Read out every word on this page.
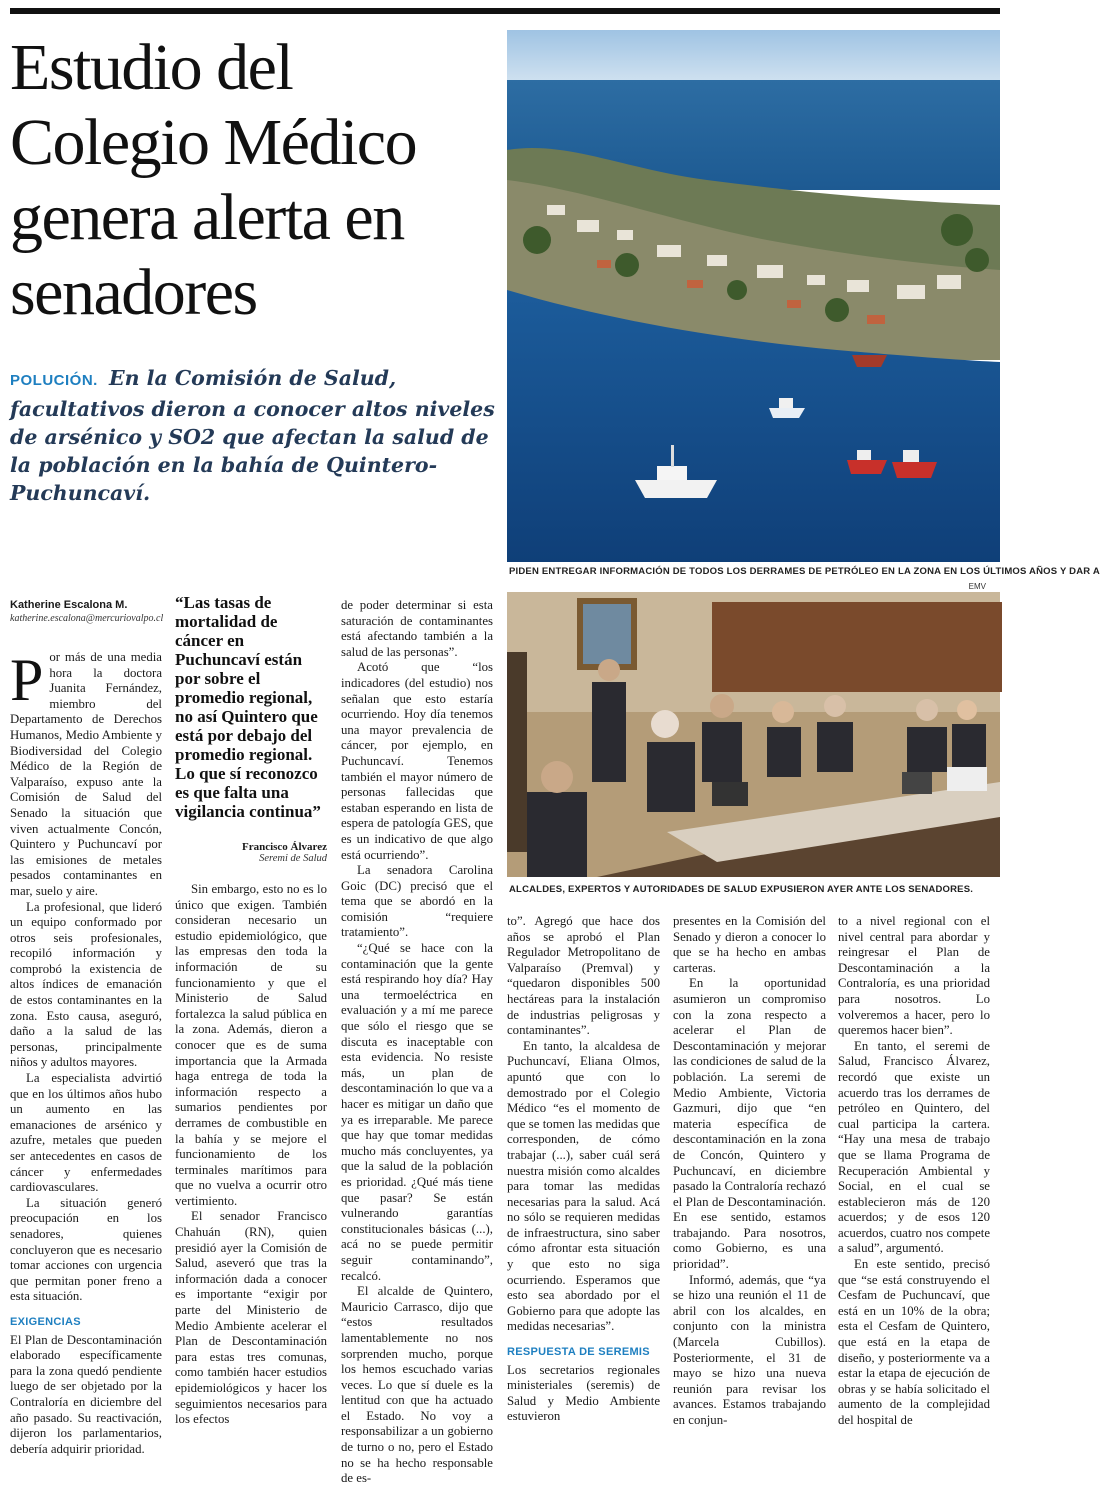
Estudio del Colegio Médico genera alerta en senadores
POLUCIÓN. En la Comisión de Salud, facultativos dieron a conocer altos niveles de arsénico y SO2 que afectan la salud de la población en la bahía de Quintero-Puchuncaví.
PIDEN ENTREGAR INFORMACIÓN DE TODOS LOS DERRAMES DE PETRÓLEO EN LA ZONA EN LOS ÚLTIMOS AÑOS Y DAR A
EMV
ALCALDES, EXPERTOS Y AUTORIDADES DE SALUD EXPUSIERON AYER ANTE LOS SENADORES.
Katherine Escalona M.
katherine.escalona@mercuriovalpo.cl

Por más de una media hora la doctora Juanita Fernández, miembro del Departamento de Derechos Humanos, Medio Ambiente y Biodiversidad del Colegio Médico de la Región de Valparaíso, expuso ante la Comisión de Salud del Senado la situación que viven actualmente Concón, Quintero y Puchuncaví por las emisiones de metales pesados contaminantes en mar, suelo y aire.

La profesional, que lideró un equipo conformado por otros seis profesionales, recopiló información y comprobó la existencia de altos índices de emanación de estos contaminantes en la zona. Esto causa, aseguró, daño a la salud de las personas, principalmente niños y adultos mayores.

La especialista advirtió que en los últimos años hubo un aumento en las emanaciones de arsénico y azufre, metales que pueden ser antecedentes en casos de cáncer y enfermedades cardiovasculares.

La situación generó preocupación en los senadores, quienes concluyeron que es necesario tomar acciones con urgencia que permitan poner freno a esta situación.

EXIGENCIAS

El Plan de Descontaminación elaborado específicamente para la zona quedó pendiente luego de ser objetado por la Contraloría en diciembre del año pasado. Su reactivación, dijeron los parlamentarios, debería adquirir prioridad.

“Las tasas de mortalidad de cáncer en Puchuncaví están por sobre el promedio regional, no así Quintero que está por debajo del promedio regional. Lo que sí reconozco es que falta una vigilancia continua”
Francisco Álvarez
Seremi de Salud

Sin embargo, esto no es lo único que exigen. También consideran necesario un estudio epidemiológico, que las empresas den toda la información de su funcionamiento y que el Ministerio de Salud fortalezca la salud pública en la zona. Además, dieron a conocer que es de suma importancia que la Armada haga entrega de toda la información respecto a sumarios pendientes por derrames de combustible en la bahía y se mejore el funcionamiento de los terminales marítimos para que no vuelva a ocurrir otro vertimiento.

El senador Francisco Chahuán (RN), quien presidió ayer la Comisión de Salud, aseveró que tras la información dada a conocer es importante “exigir por parte del Ministerio de Medio Ambiente acelerar el Plan de Descontaminación para estas tres comunas, como también hacer estudios epidemiológicos y hacer los seguimientos necesarios para los efectos

de poder determinar si esta saturación de contaminantes está afectando también a la salud de las personas”.

Acotó que “los indicadores (del estudio) nos señalan que esto estaría ocurriendo. Hoy día tenemos una mayor prevalencia de cáncer, por ejemplo, en Puchuncaví. Tenemos también el mayor número de personas fallecidas que estaban esperando en lista de espera de patología GES, que es un indicativo de que algo está ocurriendo”.

La senadora Carolina Goic (DC) precisó que el tema que se abordó en la comisión “requiere tratamiento”.

“¿Qué se hace con la contaminación que la gente está respirando hoy día? Hay una termoeléctrica en evaluación y a mí me parece que sólo el riesgo que se discuta es inaceptable con esta evidencia. No resiste más, un plan de descontaminación lo que va a hacer es mitigar un daño que ya es irreparable. Me parece que hay que tomar medidas mucho más concluyentes, ya que la salud de la población es prioridad. ¿Qué más tiene que pasar? Se están vulnerando garantías constitucionales básicas (...), acá no se puede permitir seguir contaminando”, recalcó.

El alcalde de Quintero, Mauricio Carrasco, dijo que “estos resultados lamentablemente no nos sorprenden mucho, porque los hemos escuchado varias veces. Lo que sí duele es la lentitud con que ha actuado el Estado. No voy a responsabilizar a un gobierno de turno o no, pero el Estado no se ha hecho responsable de es-

to”. Agregó que hace dos años se aprobó el Plan Regulador Metropolitano de Valparaíso (Premval) y “quedaron disponibles 500 hectáreas para la instalación de industrias peligrosas y contaminantes”.

En tanto, la alcaldesa de Puchuncaví, Eliana Olmos, apuntó que con lo demostrado por el Colegio Médico “es el momento de que se tomen las medidas que corresponden, de cómo trabajar (...), saber cuál será nuestra misión como alcaldes para tomar las medidas necesarias para la salud. Acá no sólo se requieren medidas de infraestructura, sino saber cómo afrontar esta situación y que esto no siga ocurriendo. Esperamos que esto sea abordado por el Gobierno para que adopte las medidas necesarias”.

RESPUESTA DE SEREMIS

Los secretarios regionales ministeriales (seremis) de Salud y Medio Ambiente estuvieron

presentes en la Comisión del Senado y dieron a conocer lo que se ha hecho en ambas carteras.

En la oportunidad asumieron un compromiso con la zona respecto a acelerar el Plan de Descontaminación y mejorar las condiciones de salud de la población. La seremi de Medio Ambiente, Victoria Gazmuri, dijo que “en materia específica de descontaminación en la zona de Concón, Quintero y Puchuncaví, en diciembre pasado la Contraloría rechazó el Plan de Descontaminación. En ese sentido, estamos trabajando. Para nosotros, como Gobierno, es una prioridad”.

Informó, además, que “ya se hizo una reunión el 11 de abril con los alcaldes, en conjunto con la ministra (Marcela Cubillos). Posteriormente, el 31 de mayo se hizo una nueva reunión para revisar los avances. Estamos trabajando en conjun-

to a nivel regional con el nivel central para abordar y reingresar el Plan de Descontaminación a la Contraloría, es una prioridad para nosotros. Lo volveremos a hacer, pero lo queremos hacer bien”.

En tanto, el seremi de Salud, Francisco Álvarez, recordó que existe un acuerdo tras los derrames de petróleo en Quintero, del cual participa la cartera. “Hay una mesa de trabajo que se llama Programa de Recuperación Ambiental y Social, en el cual se establecieron más de 120 acuerdos; y de esos 120 acuerdos, cuatro nos compete a salud”, argumentó.

En este sentido, precisó que “se está construyendo el Cesfam de Puchuncaví, que está en un 10% de la obra; esta el Cesfam de Quintero, que está en la etapa de diseño, y posteriormente va a estar la etapa de ejecución de obras y se había solicitado el aumento de la complejidad del hospital de
